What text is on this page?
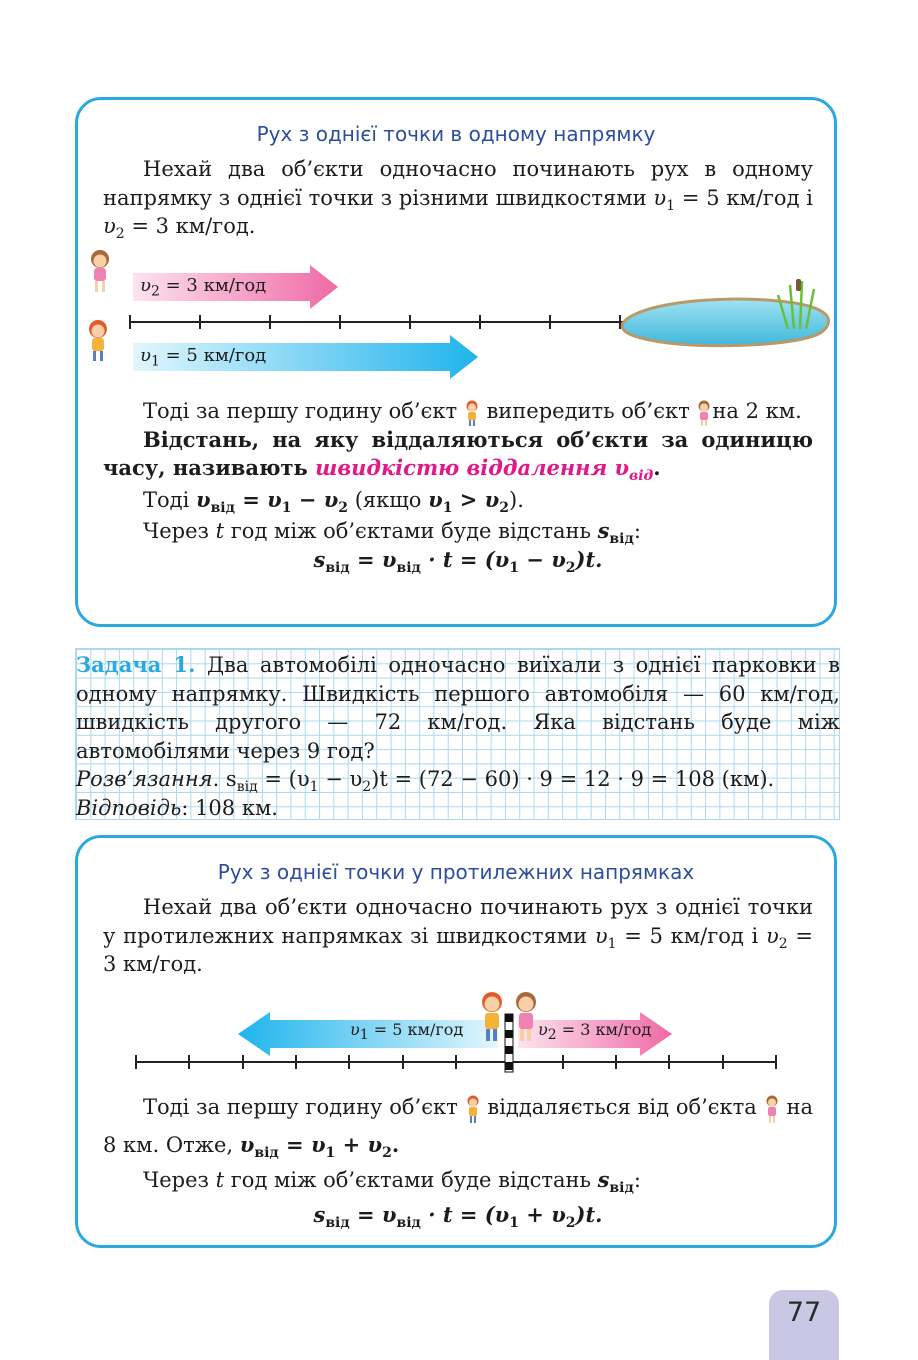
Рух з однієї точки в одному напрямку

Нехай два об’єкти одночасно починають рух в одному напрямку з однієї точки з різними швидкостями $\upsilon_1 = 5$ км/год і $\upsilon_2 = 3$ км/год.

$\upsilon_2 = 3$ км/год
$\upsilon_1 = 5$ км/год

Тоді за першу годину об’єкт  випередить об’єкт на 2 км.

Відстань, на яку віддаляються об’єкти за одиницю часу, називають швидкістю віддалення $\upsilon_{від}$.

Тоді $\upsilon_{від} = \upsilon_1 - \upsilon_2$ (якщо $\upsilon_1 > \upsilon_2$).

Через t год між об’єктами буде відстань $s_{від}$:

$s_{від} = \upsilon_{від} \cdot t = (\upsilon_1 - \upsilon_2)t$.

Задача 1. Два автомобілі одночасно виїхали з однієї парковки в одному напрямку. Швидкість першого автомобіля — 60 км/год, швидкість другого — 72 км/год. Яка відстань буде між автомобілями через 9 год?

Розв’язання. $s_{від} = (\upsilon_1 - \upsilon_2)t = (72 - 60) \cdot 9 = 12 \cdot 9 = 108$ (км).

Відповідь: 108 км.

Рух з однієї точки у протилежних напрямках

Нехай два об’єкти одночасно починають рух з однієї точки у протилежних напрямках зі швидкостями $\upsilon_1 = 5$ км/год і $\upsilon_2 = 3$ км/год.

$\upsilon_1 = 5$ км/год	$\upsilon_2 = 3$ км/год

Тоді за першу годину об’єкт  віддаляється від об’єкта  на 8 км. Отже, $\upsilon_{від} = \upsilon_1 + \upsilon_2$.

Через t год між об’єктами буде відстань $s_{від}$:

$s_{від} = \upsilon_{від} \cdot t = (\upsilon_1 + \upsilon_2)t$.

77
